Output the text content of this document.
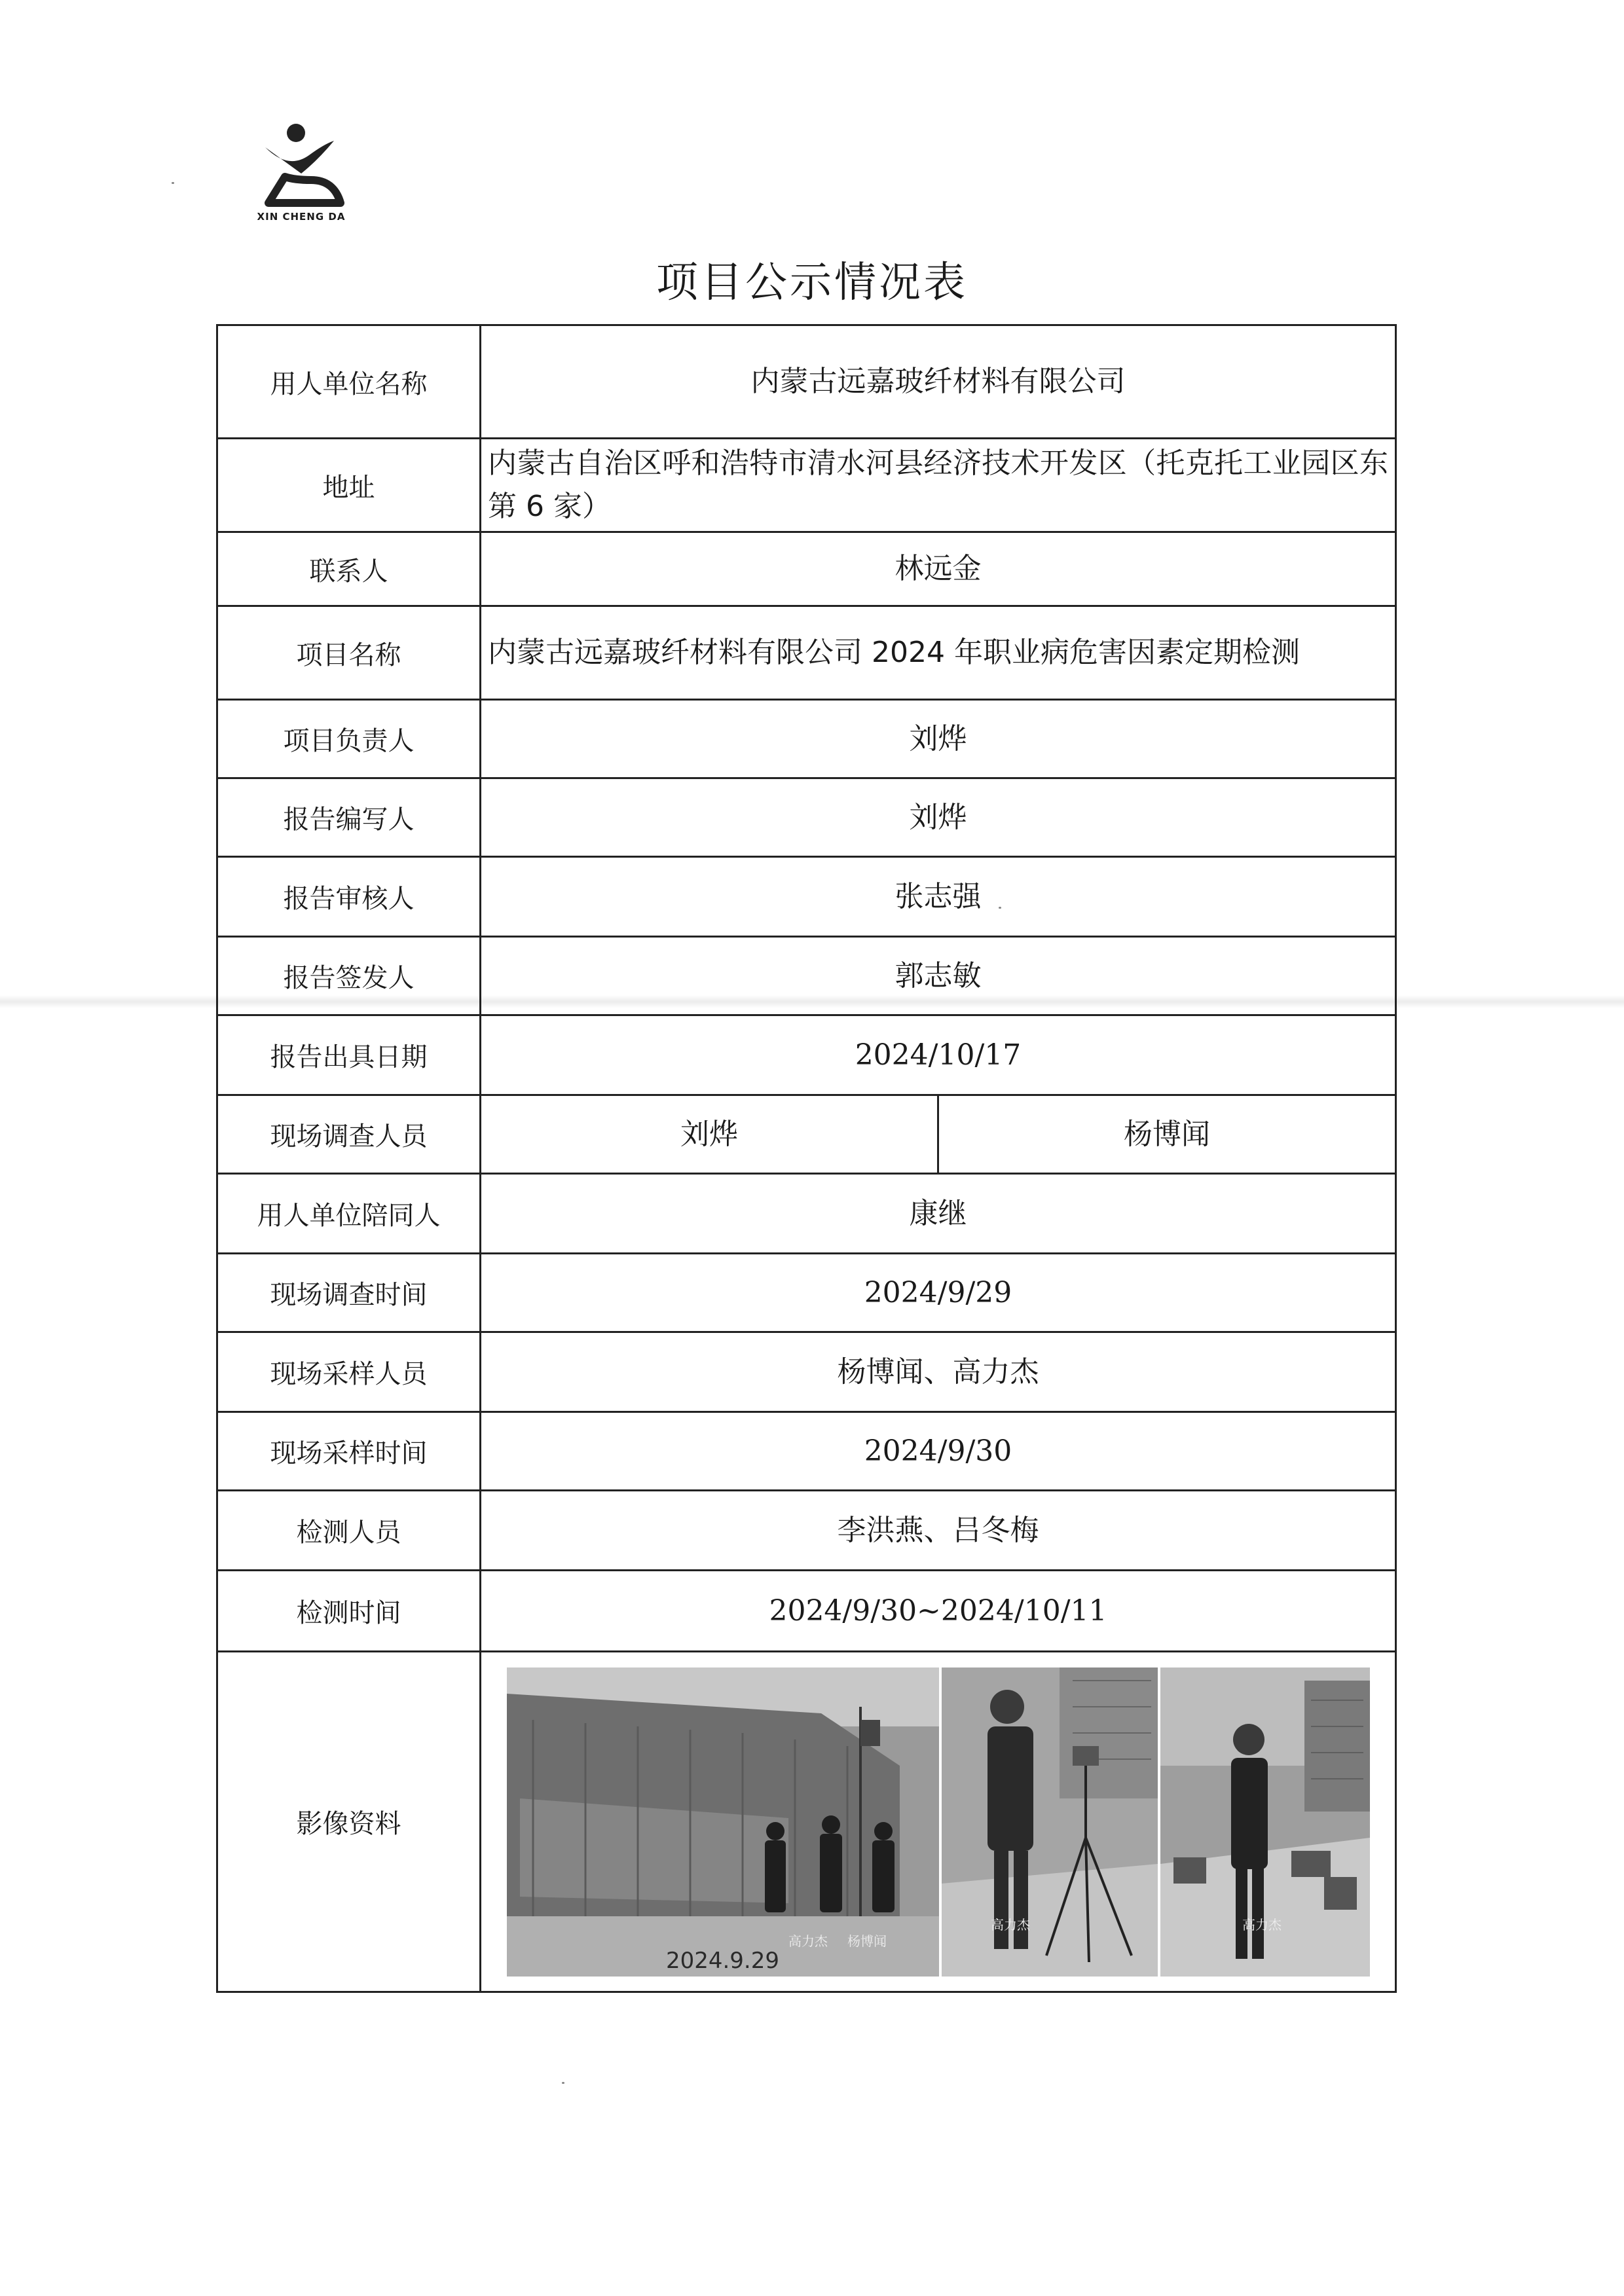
XIN CHENG DA
项目公示情况表
用人单位名称	内蒙古远嘉玻纤材料有限公司	
地址	内蒙古自治区呼和浩特市清水河县经济技术开发区（托克托工业园区东第 6 家）	
联系人	林远金	
项目名称	内蒙古远嘉玻纤材料有限公司 2024 年职业病危害因素定期检测	
项目负责人	刘烨	
报告编写人	刘烨	
报告审核人	张志强	
报告签发人	郭志敏	
报告出具日期	2024/10/17	
现场调查人员	刘烨	杨博闻
用人单位陪同人	康继	
现场调查时间	2024/9/29	
现场采样人员	杨博闻、高力杰	
现场采样时间	2024/9/30	
检测人员	李洪燕、吕冬梅	
检测时间	2024/9/30~2024/10/11	
影像资料	高力杰 杨博闻
2024.9.29
高力杰 高力杰	
